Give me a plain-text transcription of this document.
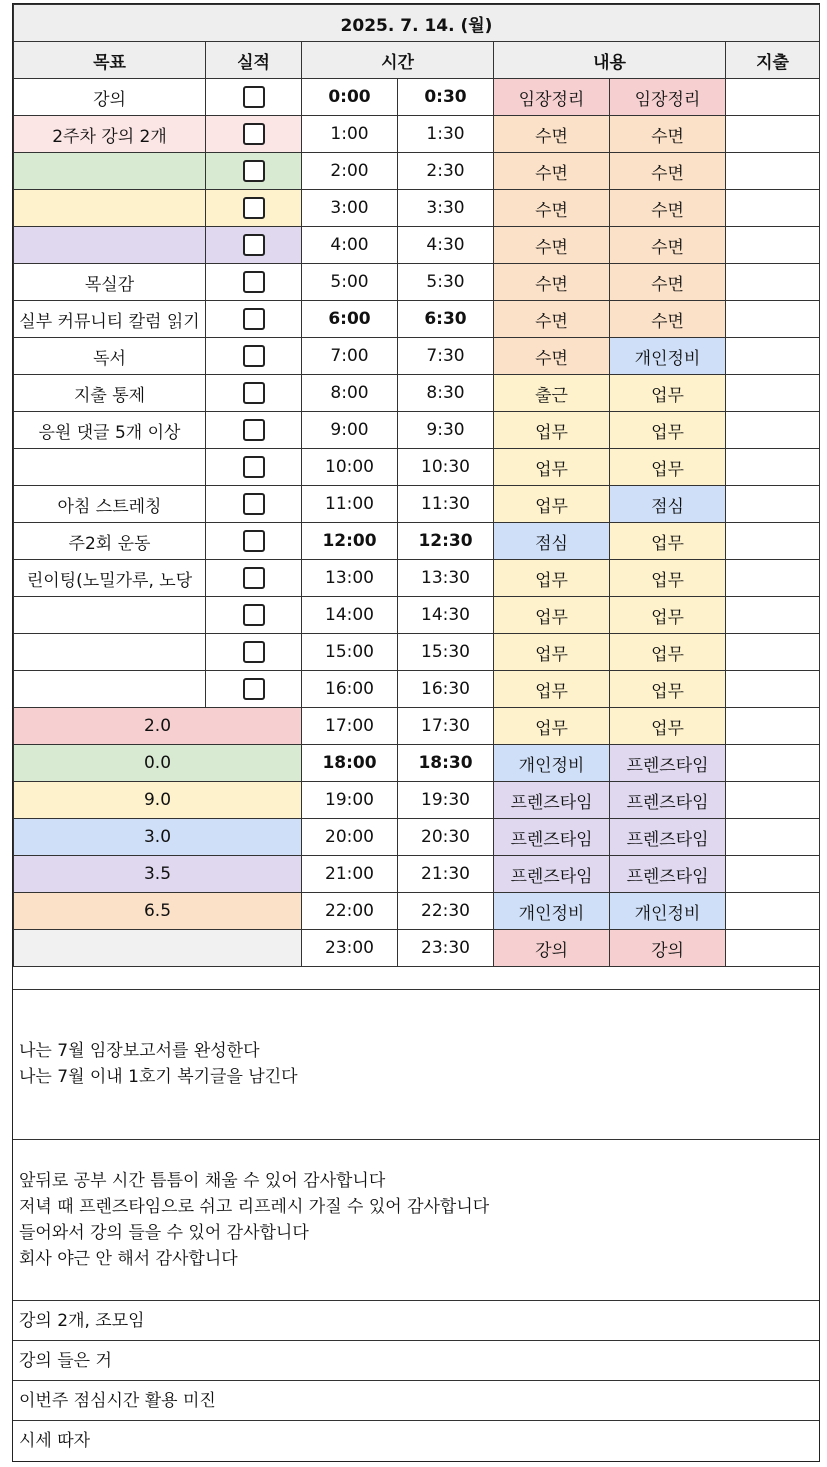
2025. 7. 14. (월)						
목표	실적	시간		내용		지출
강의		0:00	0:30	임장정리	임장정리	
2주차 강의 2개		1:00	1:30	수면	수면	
		2:00	2:30	수면	수면	
		3:00	3:30	수면	수면	
		4:00	4:30	수면	수면	
목실감		5:00	5:30	수면	수면	
실부 커뮤니티 칼럼 읽기		6:00	6:30	수면	수면	
독서		7:00	7:30	수면	개인정비	
지출 통제		8:00	8:30	출근	업무	
응원 댓글 5개 이상		9:00	9:30	업무	업무	
		10:00	10:30	업무	업무	
아침 스트레칭		11:00	11:30	업무	점심	
주2회 운동		12:00	12:30	점심	업무	
린이팅(노밀가루, 노당		13:00	13:30	업무	업무	
		14:00	14:30	업무	업무	
		15:00	15:30	업무	업무	
		16:00	16:30	업무	업무	
2.0		17:00	17:30	업무	업무	
0.0		18:00	18:30	개인정비	프렌즈타임	
9.0		19:00	19:30	프렌즈타임	프렌즈타임	
3.0		20:00	20:30	프렌즈타임	프렌즈타임	
3.5		21:00	21:30	프렌즈타임	프렌즈타임	
6.5		22:00	22:30	개인정비	개인정비	
		23:00	23:30	강의	강의	
나는 7월 임장보고서를 완성한다
나는 7월 이내 1호기 복기글을 남긴다
앞뒤로 공부 시간 틈틈이 채울 수 있어 감사합니다
저녁 때 프렌즈타임으로 쉬고 리프레시 가질 수 있어 감사합니다
들어와서 강의 들을 수 있어 감사합니다
회사 야근 안 해서 감사합니다
강의 2개, 조모임
강의 들은 거
이번주 점심시간 활용 미진
시세 따자
